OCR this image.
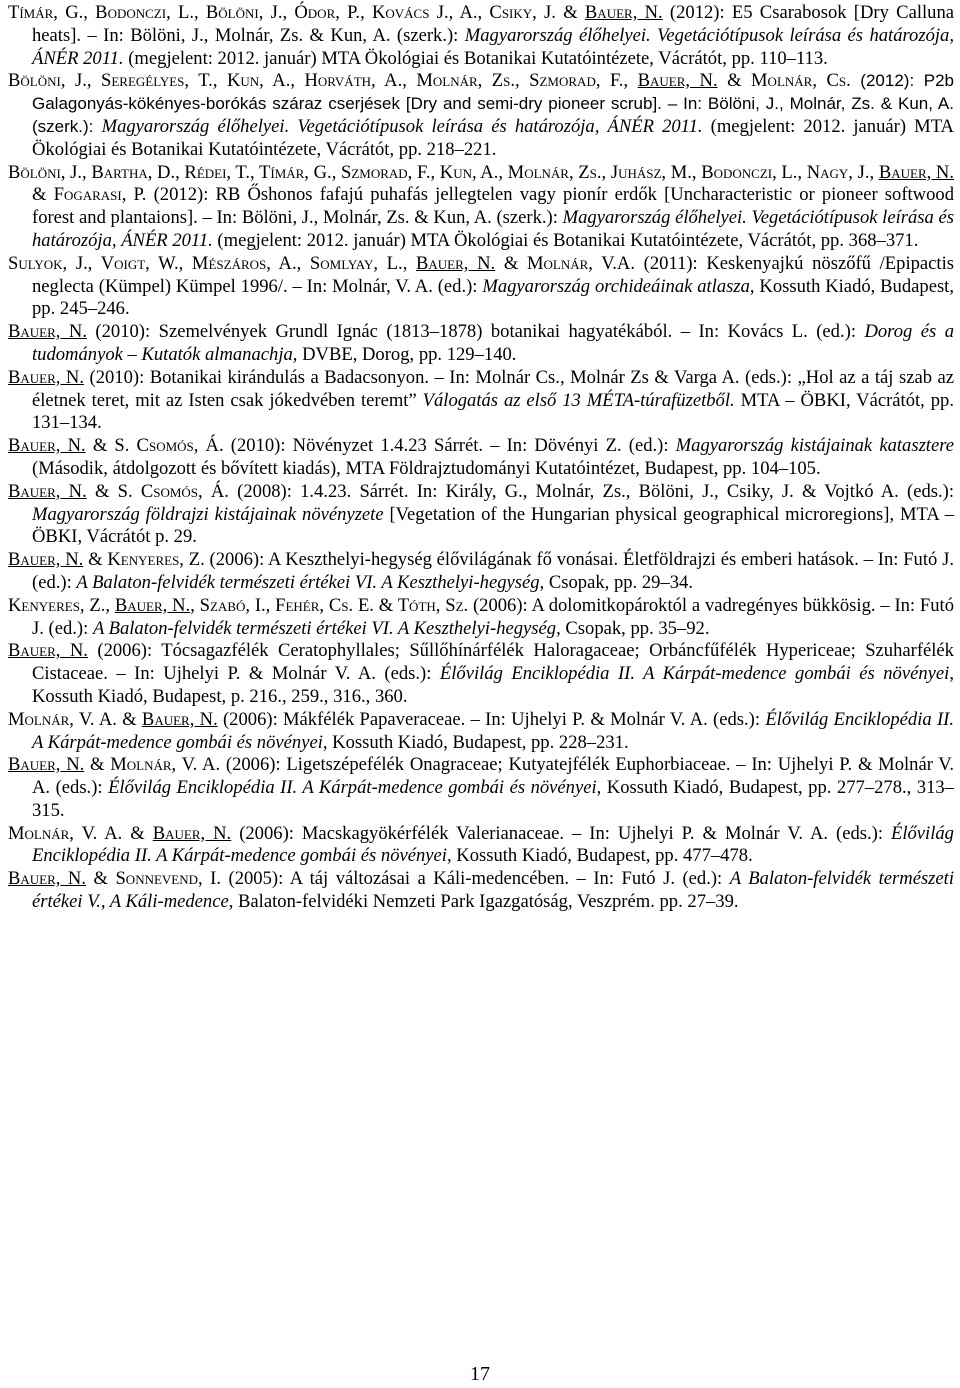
Tímár, G., Bodonczi, L., Bölöni, J., Ódor, P., Kovács J., A., Csiky, J. & Bauer, N. (2012): E5 Csarabosok [Dry Calluna heats]. – In: Bölöni, J., Molnár, Zs. & Kun, A. (szerk.): Magyarország élőhelyei. Vegetációtípusok leírása és határozója, ÁNÉR 2011. (megjelent: 2012. január) MTA Ökológiai és Botanikai Kutatóintézete, Vácrátót, pp. 110–113.

Bölöni, J., Seregélyes, T., Kun, A., Horváth, A., Molnár, Zs., Szmorad, F., Bauer, N. & Molnár, Cs. (2012): P2b Galagonyás-kökényes-borókás száraz cserjések [Dry and semi-dry pioneer scrub]. – In: Bölöni, J., Molnár, Zs. & Kun, A. (szerk.): Magyarország élőhelyei. Vegetációtípusok leírása és határozója, ÁNÉR 2011. (megjelent: 2012. január) MTA Ökológiai és Botanikai Kutatóintézete, Vácrátót, pp. 218–221.

Bölöni, J., Bartha, D., Rédei, T., Tímár, G., Szmorad, F., Kun, A., Molnár, Zs., Juhász, M., Bodonczi, L., Nagy, J., Bauer, N. & Fogarasi, P. (2012): RB Őshonos fafajú puhafás jellegtelen vagy pionír erdők [Uncharacteristic or pioneer softwood forest and plantaions]. – In: Bölöni, J., Molnár, Zs. & Kun, A. (szerk.): Magyarország élőhelyei. Vegetációtípusok leírása és határozója, ÁNÉR 2011. (megjelent: 2012. január) MTA Ökológiai és Botanikai Kutatóintézete, Vácrátót, pp. 368–371.

Sulyok, J., Voigt, W., Mészáros, A., Somlyay, L., Bauer, N. & Molnár, V.A. (2011): Keskenyajkú nöszőfű /Epipactis neglecta (Kümpel) Kümpel 1996/. – In: Molnár, V. A. (ed.): Magyarország orchideáinak atlasza, Kossuth Kiadó, Budapest, pp. 245–246.

Bauer, N. (2010): Szemelvények Grundl Ignác (1813–1878) botanikai hagyatékából. – In: Kovács L. (ed.): Dorog és a tudományok – Kutatók almanachja, DVBE, Dorog, pp. 129–140.

Bauer, N. (2010): Botanikai kirándulás a Badacsonyon. – In: Molnár Cs., Molnár Zs & Varga A. (eds.): „Hol az a táj szab az életnek teret, mit az Isten csak jókedvében teremt” Válogatás az első 13 MÉTA-túrafüzetből. MTA – ÖBKI, Vácrátót, pp. 131–134.

Bauer, N. & S. Csomós, Á. (2010): Növényzet 1.4.23 Sárrét. – In: Dövényi Z. (ed.): Magyarország kistájainak katasztere (Második, átdolgozott és bővített kiadás), MTA Földrajztudományi Kutatóintézet, Budapest, pp. 104–105.

Bauer, N. & S. Csomós, Á. (2008): 1.4.23. Sárrét. In: Király, G., Molnár, Zs., Bölöni, J., Csiky, J. & Vojtkó A. (eds.): Magyarország földrajzi kistájainak növényzete [Vegetation of the Hungarian physical geographical microregions], MTA – ÖBKI, Vácrátót p. 29.

Bauer, N. & Kenyeres, Z. (2006): A Keszthelyi-hegység élővilágának fő vonásai. Életföldrajzi és emberi hatások. – In: Futó J. (ed.): A Balaton-felvidék természeti értékei VI. A Keszthelyi-hegység, Csopak, pp. 29–34.

Kenyeres, Z., Bauer, N., Szabó, I., Fehér, Cs. E. & Tóth, Sz. (2006): A dolomitkopároktól a vadregényes bükkösig. – In: Futó J. (ed.): A Balaton-felvidék természeti értékei VI. A Keszthelyi-hegység, Csopak, pp. 35–92.

Bauer, N. (2006): Tócsagazfélék Ceratophyllales; Sűllőhínárfélék Haloragaceae; Orbáncfűfélék Hypericeae; Szuharfélék Cistaceae. – In: Ujhelyi P. & Molnár V. A. (eds.): Élővilág Enciklopédia II. A Kárpát-medence gombái és növényei, Kossuth Kiadó, Budapest, p. 216., 259., 316., 360.

Molnár, V. A. & Bauer, N. (2006): Mákfélék Papaveraceae. – In: Ujhelyi P. & Molnár V. A. (eds.): Élővilág Enciklopédia II. A Kárpát-medence gombái és növényei, Kossuth Kiadó, Budapest, pp. 228–231.

Bauer, N. & Molnár, V. A. (2006): Ligetszépefélék Onagraceae; Kutyatejfélék Euphorbiaceae. – In: Ujhelyi P. & Molnár V. A. (eds.): Élővilág Enciklopédia II. A Kárpát-medence gombái és növényei, Kossuth Kiadó, Budapest, pp. 277–278., 313–315.

Molnár, V. A. & Bauer, N. (2006): Macskagyökérfélék Valerianaceae. – In: Ujhelyi P. & Molnár V. A. (eds.): Élővilág Enciklopédia II. A Kárpát-medence gombái és növényei, Kossuth Kiadó, Budapest, pp. 477–478.

Bauer, N. & Sonnevend, I. (2005): A táj változásai a Káli-medencében. – In: Futó J. (ed.): A Balaton-felvidék természeti értékei V., A Káli-medence, Balaton-felvidéki Nemzeti Park Igazgatóság, Veszprém. pp. 27–39.

17
